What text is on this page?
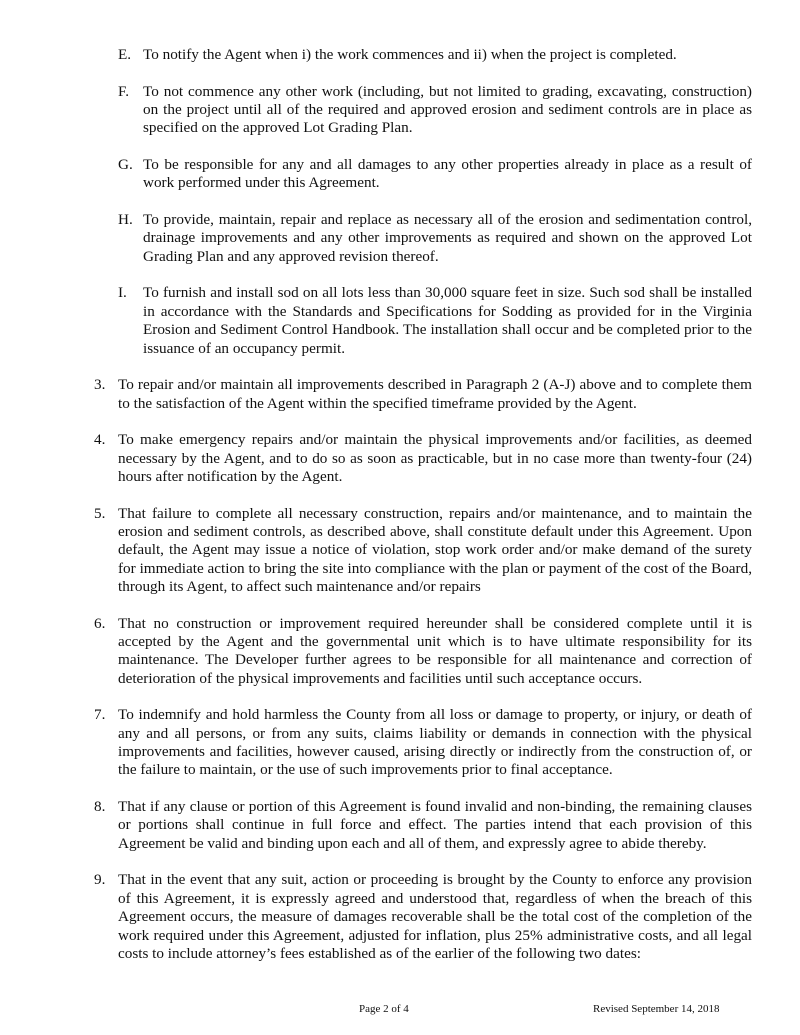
E. To notify the Agent when i) the work commences and ii) when the project is completed.
F. To not commence any other work (including, but not limited to grading, excavating, construction) on the project until all of the required and approved erosion and sediment controls are in place as specified on the approved Lot Grading Plan.
G. To be responsible for any and all damages to any other properties already in place as a result of work performed under this Agreement.
H. To provide, maintain, repair and replace as necessary all of the erosion and sedimentation control, drainage improvements and any other improvements as required and shown on the approved Lot Grading Plan and any approved revision thereof.
I. To furnish and install sod on all lots less than 30,000 square feet in size. Such sod shall be installed in accordance with the Standards and Specifications for Sodding as provided for in the Virginia Erosion and Sediment Control Handbook. The installation shall occur and be completed prior to the issuance of an occupancy permit.
3. To repair and/or maintain all improvements described in Paragraph 2 (A-J) above and to complete them to the satisfaction of the Agent within the specified timeframe provided by the Agent.
4. To make emergency repairs and/or maintain the physical improvements and/or facilities, as deemed necessary by the Agent, and to do so as soon as practicable, but in no case more than twenty-four (24) hours after notification by the Agent.
5. That failure to complete all necessary construction, repairs and/or maintenance, and to maintain the erosion and sediment controls, as described above, shall constitute default under this Agreement. Upon default, the Agent may issue a notice of violation, stop work order and/or make demand of the surety for immediate action to bring the site into compliance with the plan or payment of the cost of the Board, through its Agent, to affect such maintenance and/or repairs
6. That no construction or improvement required hereunder shall be considered complete until it is accepted by the Agent and the governmental unit which is to have ultimate responsibility for its maintenance. The Developer further agrees to be responsible for all maintenance and correction of deterioration of the physical improvements and facilities until such acceptance occurs.
7. To indemnify and hold harmless the County from all loss or damage to property, or injury, or death of any and all persons, or from any suits, claims liability or demands in connection with the physical improvements and facilities, however caused, arising directly or indirectly from the construction of, or the failure to maintain, or the use of such improvements prior to final acceptance.
8. That if any clause or portion of this Agreement is found invalid and non-binding, the remaining clauses or portions shall continue in full force and effect. The parties intend that each provision of this Agreement be valid and binding upon each and all of them, and expressly agree to abide thereby.
9. That in the event that any suit, action or proceeding is brought by the County to enforce any provision of this Agreement, it is expressly agreed and understood that, regardless of when the breach of this Agreement occurs, the measure of damages recoverable shall be the total cost of the completion of the work required under this Agreement, adjusted for inflation, plus 25% administrative costs, and all legal costs to include attorney’s fees established as of the earlier of the following two dates:
Page 2 of 4	Revised September 14, 2018
